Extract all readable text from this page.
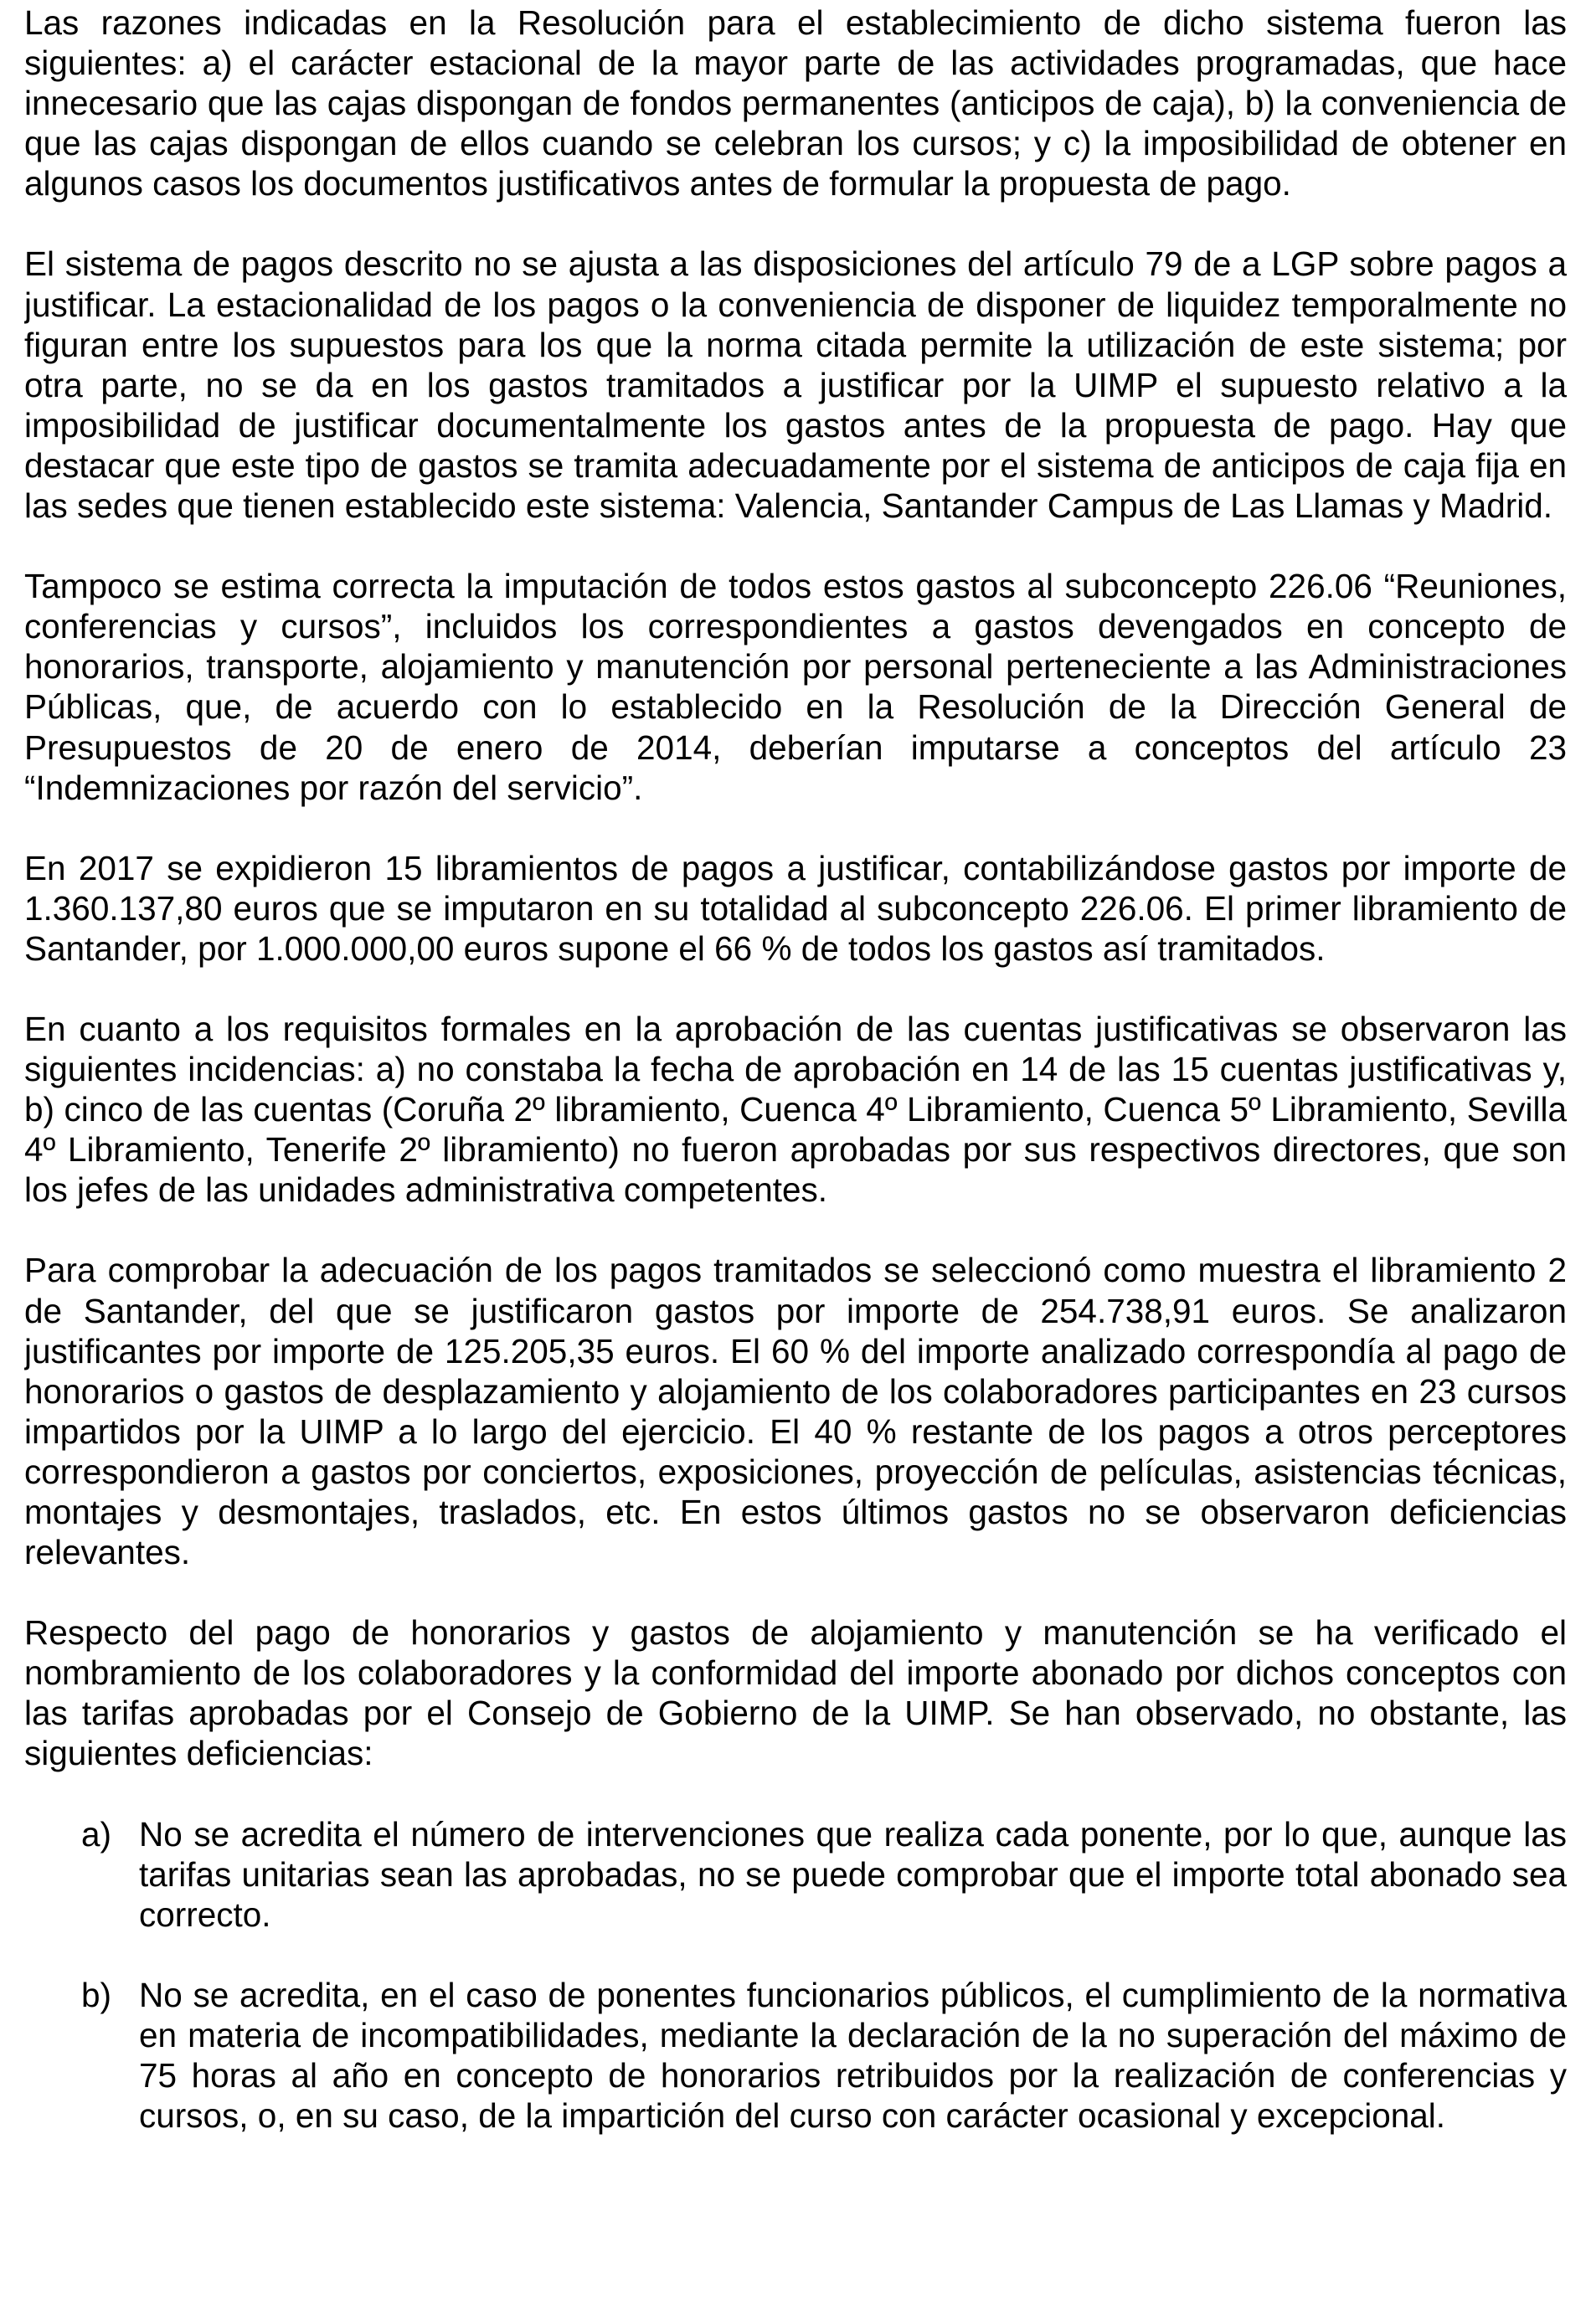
Las razones indicadas en la Resolución para el establecimiento de dicho sistema fueron las siguientes: a) el carácter estacional de la mayor parte de las actividades programadas, que hace innecesario que las cajas dispongan de fondos permanentes (anticipos de caja), b) la conveniencia de que las cajas dispongan de ellos cuando se celebran los cursos; y c) la imposibilidad de obtener en algunos casos los documentos justificativos antes de formular la propuesta de pago.

El sistema de pagos descrito no se ajusta a las disposiciones del artículo 79 de a LGP sobre pagos a justificar. La estacionalidad de los pagos o la conveniencia de disponer de liquidez temporalmente no figuran entre los supuestos para los que la norma citada permite la utilización de este sistema; por otra parte, no se da en los gastos tramitados a justificar por la UIMP el supuesto relativo a la imposibilidad de justificar documentalmente los gastos antes de la propuesta de pago. Hay que destacar que este tipo de gastos se tramita adecuadamente por el sistema de anticipos de caja fija en las sedes que tienen establecido este sistema: Valencia, Santander Campus de Las Llamas y Madrid.

Tampoco se estima correcta la imputación de todos estos gastos al subconcepto 226.06 “Reuniones, conferencias y cursos”, incluidos los correspondientes a gastos devengados en concepto de honorarios, transporte, alojamiento y manutención por personal perteneciente a las Administraciones Públicas, que, de acuerdo con lo establecido en la Resolución de la Dirección General de Presupuestos de 20 de enero de 2014, deberían imputarse a conceptos del artículo 23 “Indemnizaciones por razón del servicio”.

En 2017 se expidieron 15 libramientos de pagos a justificar, contabilizándose gastos por importe de 1.360.137,80 euros que se imputaron en su totalidad al subconcepto 226.06. El primer libramiento de Santander, por 1.000.000,00 euros supone el 66 % de todos los gastos así tramitados.

En cuanto a los requisitos formales en la aprobación de las cuentas justificativas se observaron las siguientes incidencias: a) no constaba la fecha de aprobación en 14 de las 15 cuentas justificativas y, b) cinco de las cuentas (Coruña 2º libramiento, Cuenca 4º Libramiento, Cuenca 5º Libramiento, Sevilla 4º Libramiento, Tenerife 2º libramiento) no fueron aprobadas por sus respectivos directores, que son los jefes de las unidades administrativa competentes.

Para comprobar la adecuación de los pagos tramitados se seleccionó como muestra el libramiento 2 de Santander, del que se justificaron gastos por importe de 254.738,91 euros. Se analizaron justificantes por importe de 125.205,35 euros. El 60 % del importe analizado correspondía al pago de honorarios o gastos de desplazamiento y alojamiento de los colaboradores participantes en 23 cursos impartidos por la UIMP a lo largo del ejercicio. El 40 % restante de los pagos a otros perceptores correspondieron a gastos por conciertos, exposiciones, proyección de películas, asistencias técnicas, montajes y desmontajes, traslados, etc. En estos últimos gastos no se observaron deficiencias relevantes.

Respecto del pago de honorarios y gastos de alojamiento y manutención se ha verificado el nombramiento de los colaboradores y la conformidad del importe abonado por dichos conceptos con las tarifas aprobadas por el Consejo de Gobierno de la UIMP. Se han observado, no obstante, las siguientes deficiencias:

a) No se acredita el número de intervenciones que realiza cada ponente, por lo que, aunque las tarifas unitarias sean las aprobadas, no se puede comprobar que el importe total abonado sea correcto.
b) No se acredita, en el caso de ponentes funcionarios públicos, el cumplimiento de la normativa en materia de incompatibilidades, mediante la declaración de la no superación del máximo de 75 horas al año en concepto de honorarios retribuidos por la realización de conferencias y cursos, o, en su caso, de la impartición del curso con carácter ocasional y excepcional.
